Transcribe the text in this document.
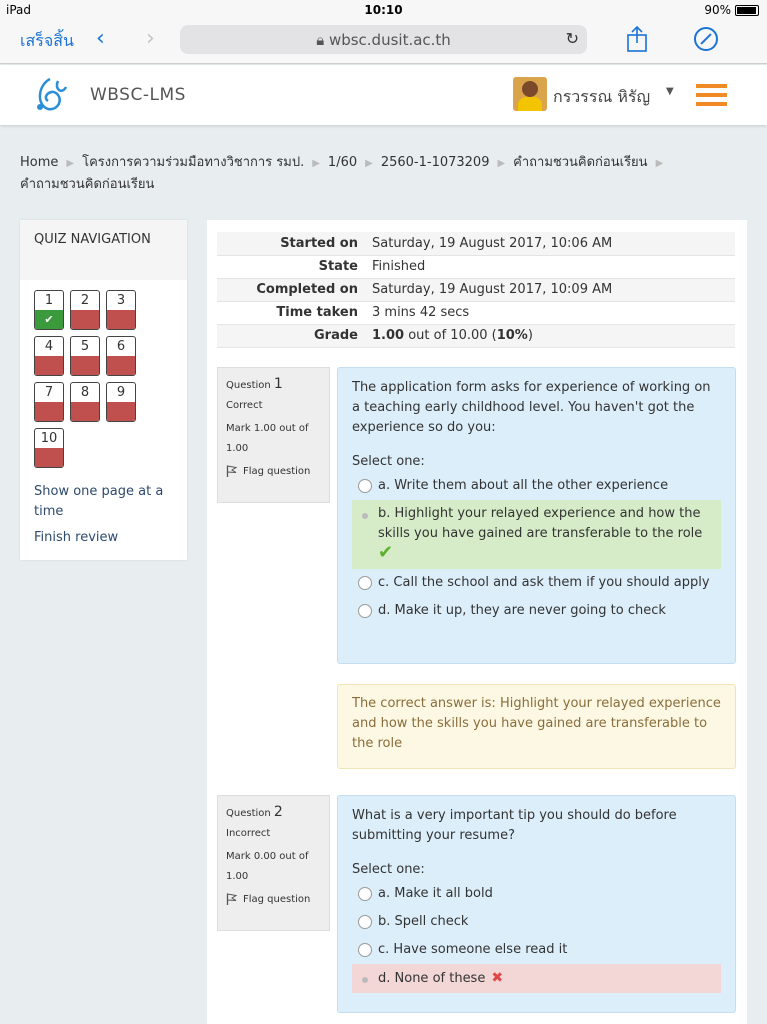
iPad	10:10	90%
เสร็จสิ้น ‹ ›	🔒︎ wbsc.dusit.ac.th	↻
WBSC-LMS	กรวรรณ หิรัญ ▼
Home ▶ โครงการความร่วมมือทางวิชาการ รมป. ▶ 1/60 ▶ 2560-1-1073209 ▶ คำถามชวนคิดก่อนเรียน ▶
คำถามชวนคิดก่อนเรียน
QUIZ NAVIGATION
1
✔
2	3
4	5	6
7	8	9
10
Show one page at a time
Finish review
Started on	Saturday, 19 August 2017, 10:06 AM
State	Finished
Completed on	Saturday, 19 August 2017, 10:09 AM
Time taken	3 mins 42 secs
Grade	1.00 out of 10.00 (10%)
Question 1
Correct
Mark 1.00 out of 1.00
Flag question
The application form asks for experience of working on a teaching early childhood level. You haven't got the experience so do you:
Select one:
a. Write them about all the other experience
b. Highlight your relayed experience and how the skills you have gained are transferable to the role
✔
c. Call the school and ask them if you should apply
d. Make it up, they are never going to check
The correct answer is: Highlight your relayed experience and how the skills you have gained are transferable to the role
Question 2
Incorrect
Mark 0.00 out of 1.00
Flag question
What is a very important tip you should do before submitting your resume?
Select one:
a. Make it all bold
b. Spell check
c. Have someone else read it
d. None of these ✖
